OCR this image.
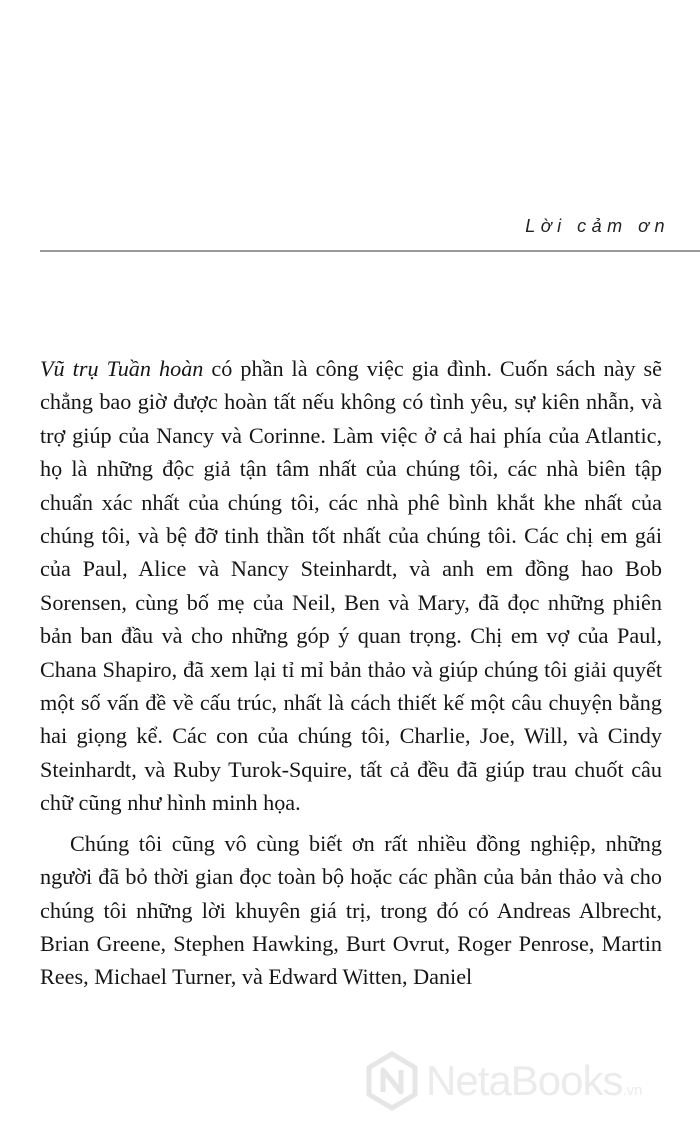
Lời cảm ơn

Vũ trụ Tuần hoàn có phần là công việc gia đình. Cuốn sách này sẽ chẳng bao giờ được hoàn tất nếu không có tình yêu, sự kiên nhẫn, và trợ giúp của Nancy và Corinne. Làm việc ở cả hai phía của Atlantic, họ là những độc giả tận tâm nhất của chúng tôi, các nhà biên tập chuẩn xác nhất của chúng tôi, các nhà phê bình khắt khe nhất của chúng tôi, và bệ đỡ tinh thần tốt nhất của chúng tôi. Các chị em gái của Paul, Alice và Nancy Steinhardt, và anh em đồng hao Bob Sorensen, cùng bố mẹ của Neil, Ben và Mary, đã đọc những phiên bản ban đầu và cho những góp ý quan trọng. Chị em vợ của Paul, Chana Shapiro, đã xem lại tỉ mỉ bản thảo và giúp chúng tôi giải quyết một số vấn đề về cấu trúc, nhất là cách thiết kế một câu chuyện bằng hai giọng kể. Các con của chúng tôi, Charlie, Joe, Will, và Cindy Steinhardt, và Ruby Turok-Squire, tất cả đều đã giúp trau chuốt câu chữ cũng như hình minh họa.

Chúng tôi cũng vô cùng biết ơn rất nhiều đồng nghiệp, những người đã bỏ thời gian đọc toàn bộ hoặc các phần của bản thảo và cho chúng tôi những lời khuyên giá trị, trong đó có Andreas Albrecht, Brian Greene, Stephen Hawking, Burt Ovrut, Roger Penrose, Martin Rees, Michael Turner, và Edward Witten, Daniel

NetaBooks.vn
